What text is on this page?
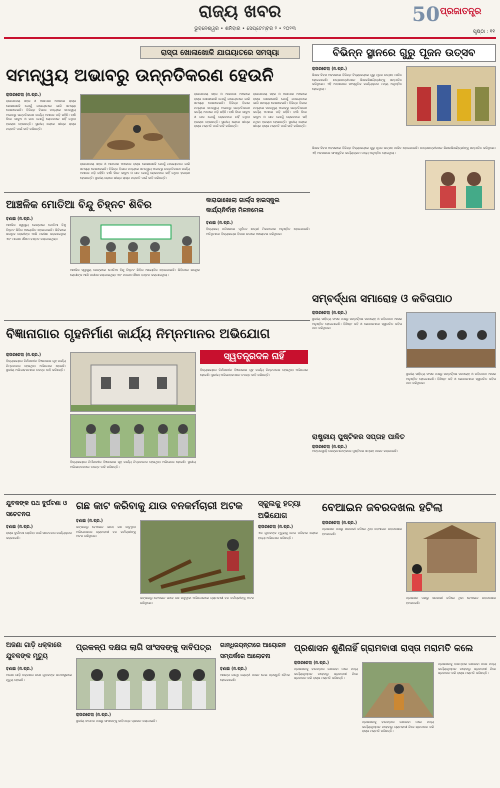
ରାଜ୍ୟ ଖବର
ଭୁବନେଶ୍ୱର • ଶନିବାର • ସେପ୍ଟେମ୍ବର ୨ • ୨୦୨୩
50 ପ୍ରଜାତନ୍ତ୍ର
ପୃଷ୍ଠା : ୧୧
ରାସ୍ତା ଖୋଳାଖୋଳି ଯାତାୟାତରେ ସମସ୍ୟା
ସମନ୍ୱୟ ଅଭାବରୁ ଉନ୍ନତିକରଣ ହେଉନି
ରାଉରକେଲା (ନ.ପ୍ର.)
ରାଉରକେଲା ସହର ଓ ଆଖପାଖ ଅଞ୍ଚଳରେ ରାସ୍ତା ଖୋଳାଖୋଳି ଯୋଗୁଁ ଯାତାୟାତରେ ଭାରି ସମସ୍ୟା ଦେଖାଦେଇଛି। ବିଭିନ୍ନ ବିଭାଗ ମଧ୍ୟରେ ସମନ୍ୱୟ ଅଭାବରୁ ଉନ୍ନତିକରଣ କାର୍ଯ୍ୟ ଅଧାରେ ପଡ଼ି ରହିଛି। ବର୍ଷା ଦିନେ କାଦୁଅ ଓ ଗାତ ଯୋଗୁଁ ଲୋକମାନେ ନାହିଁ ନଥିବା ହଇରାଣ ହେଉଛନ୍ତି। ସ୍ଥାନୀୟ ଲୋକେ ଶୀଘ୍ର ରାସ୍ତା ମରାମତି ପାଇଁ ଦାବି କରିଛନ୍ତି।
ରାଉରକେଲା ସହର ଓ ଆଖପାଖ ଅଞ୍ଚଳରେ ରାସ୍ତା ଖୋଳାଖୋଳି ଯୋଗୁଁ ଯାତାୟାତରେ ଭାରି ସମସ୍ୟା ଦେଖାଦେଇଛି। ବିଭିନ୍ନ ବିଭାଗ ମଧ୍ୟରେ ସମନ୍ୱୟ ଅଭାବରୁ ଉନ୍ନତିକରଣ କାର୍ଯ୍ୟ ଅଧାରେ ପଡ଼ି ରହିଛି। ବର୍ଷା ଦିନେ କାଦୁଅ ଓ ଗାତ ଯୋଗୁଁ ଲୋକମାନେ ନାହିଁ ନଥିବା ହଇରାଣ ହେଉଛନ୍ତି। ସ୍ଥାନୀୟ ଲୋକେ ଶୀଘ୍ର ରାସ୍ତା ମରାମତି ପାଇଁ ଦାବି କରିଛନ୍ତି।
ରାଉରକେଲା ସହର ଓ ଆଖପାଖ ଅଞ୍ଚଳରେ ରାସ୍ତା ଖୋଳାଖୋଳି ଯୋଗୁଁ ଯାତାୟାତରେ ଭାରି ସମସ୍ୟା ଦେଖାଦେଇଛି। ବିଭିନ୍ନ ବିଭାଗ ମଧ୍ୟରେ ସମନ୍ୱୟ ଅଭାବରୁ ଉନ୍ନତିକରଣ କାର୍ଯ୍ୟ ଅଧାରେ ପଡ଼ି ରହିଛି। ବର୍ଷା ଦିନେ କାଦୁଅ ଓ ଗାତ ଯୋଗୁଁ ଲୋକମାନେ ନାହିଁ ନଥିବା ହଇରାଣ ହେଉଛନ୍ତି। ସ୍ଥାନୀୟ ଲୋକେ ଶୀଘ୍ର ରାସ୍ତା ମରାମତି ପାଇଁ ଦାବି କରିଛନ୍ତି।
ରାଉରକେଲା ସହର ଓ ଆଖପାଖ ଅଞ୍ଚଳରେ ରାସ୍ତା ଖୋଳାଖୋଳି ଯୋଗୁଁ ଯାତାୟାତରେ ଭାରି ସମସ୍ୟା ଦେଖାଦେଇଛି। ବିଭିନ୍ନ ବିଭାଗ ମଧ୍ୟରେ ସମନ୍ୱୟ ଅଭାବରୁ ଉନ୍ନତିକରଣ କାର୍ଯ୍ୟ ଅଧାରେ ପଡ଼ି ରହିଛି। ବର୍ଷା ଦିନେ କାଦୁଅ ଓ ଗାତ ଯୋଗୁଁ ଲୋକମାନେ ନାହିଁ ନଥିବା ହଇରାଣ ହେଉଛନ୍ତି। ସ୍ଥାନୀୟ ଲୋକେ ଶୀଘ୍ର ରାସ୍ତା ମରାମତି ପାଇଁ ଦାବି କରିଛନ୍ତି।
ବିଭିନ୍ନ ସ୍ଥାନରେ ଗୁରୁ ପୂଜନ ଉତ୍ସବ
ରାଉରକେଲା (ନ.ପ୍ର.)
ଶିକ୍ଷକ ଦିବସ ଅବସରରେ ବିଭିନ୍ନ ବିଦ୍ୟାଳୟରେ ଗୁରୁ ପୂଜନ ଉତ୍ସବ ପାଳିତ ହୋଇଯାଇଛି। ଛାତ୍ରଛାତ୍ରୀମାନେ ଶିକ୍ଷକଶିକ୍ଷୟିତ୍ରୀଙ୍କୁ ସମ୍ମାନିତ କରିଥିଲେ। ଏହି ଅବସରରେ ସାଂସ୍କୃତିକ କାର୍ଯ୍ୟକ୍ରମ ମଧ୍ୟ ଅନୁଷ୍ଠିତ ହୋଇଥିଲା।
ଶିକ୍ଷକ ଦିବସ ଅବସରରେ ବିଭିନ୍ନ ବିଦ୍ୟାଳୟରେ ଗୁରୁ ପୂଜନ ଉତ୍ସବ ପାଳିତ ହୋଇଯାଇଛି। ଛାତ୍ରଛାତ୍ରୀମାନେ ଶିକ୍ଷକଶିକ୍ଷୟିତ୍ରୀଙ୍କୁ ସମ୍ମାନିତ କରିଥିଲେ। ଏହି ଅବସରରେ ସାଂସ୍କୃତିକ କାର୍ଯ୍ୟକ୍ରମ ମଧ୍ୟ ଅନୁଷ୍ଠିତ ହୋଇଥିଲା।
ଆଞ୍ଚଳିକ ମୋତିଆ ବିନ୍ଦୁ ଚିହ୍ନଟ ଶିବିର
ବଣାଇ (ନ.ପ୍ର.)
ଆଞ୍ଚଳିକ ସ୍ୱାସ୍ଥ୍ୟ କେନ୍ଦ୍ରରେ ମୋତିଆ ବିନ୍ଦୁ ଚିହ୍ନଟ ଶିବିର ଆୟୋଜିତ ହୋଇଯାଇଛି। ଶିବିରରେ ଶତାଧିକ ରୋଗୀଙ୍କ ଆଖି ପରୀକ୍ଷା କରାଯାଇଥିଲା ଏବଂ ମାଗଣା ଔଷଧ ବଣ୍ଟନ କରାଯାଇଥିଲା।
ଆଞ୍ଚଳିକ ସ୍ୱାସ୍ଥ୍ୟ କେନ୍ଦ୍ରରେ ମୋତିଆ ବିନ୍ଦୁ ଚିହ୍ନଟ ଶିବିର ଆୟୋଜିତ ହୋଇଯାଇଛି। ଶିବିରରେ ଶତାଧିକ ରୋଗୀଙ୍କ ଆଖି ପରୀକ୍ଷା କରାଯାଇଥିଲା ଏବଂ ମାଗଣା ଔଷଧ ବଣ୍ଟନ କରାଯାଇଥିଲା।
କାରାଭାଖୋଲା ଗାର୍ଲ୍‌ସ ହାଇସ୍କୁଲ କାର୍ଯ୍ୟନିର୍ବାହୀ ମିଳନମେଳା
ବଣାଇ (ନ.ପ୍ର.)
ବିଦ୍ୟାଳୟ ପରିସରରେ ପୂର୍ବତନ ଛାତ୍ରୀ ମିଳନମେଳା ଅନୁଷ୍ଠିତ ହୋଇଯାଇଛି। ଅତିଥିମାନେ ବିଦ୍ୟାଳୟର ବିକାଶ ଉପରେ ଆଲୋଚନା କରିଥିଲେ।
ସମ୍ବର୍ଦ୍ଧନା ସମାରୋହ ଓ କବିତାପାଠ
ରାଉରକେଲା (ନ.ପ୍ର.)
ସ୍ଥାନୀୟ ସାହିତ୍ୟ ସଂସଦ ପକ୍ଷରୁ ସମ୍ବର୍ଦ୍ଧନା ସମାରୋହ ଓ କବିତାପାଠ ଆସର ଅନୁଷ୍ଠିତ ହୋଇଯାଇଛି। ବିଶିଷ୍ଟ କବି ଓ ଲେଖକମାନେ ସ୍ୱରଚିତ କବିତା ପାଠ କରିଥିଲେ।
ସ୍ଥାନୀୟ ସାହିତ୍ୟ ସଂସଦ ପକ୍ଷରୁ ସମ୍ବର୍ଦ୍ଧନା ସମାରୋହ ଓ କବିତାପାଠ ଆସର ଅନୁଷ୍ଠିତ ହୋଇଯାଇଛି। ବିଶିଷ୍ଟ କବି ଓ ଲେଖକମାନେ ସ୍ୱରଚିତ କବିତା ପାଠ କରିଥିଲେ।
ବିଜ୍ଞାନାଗାର ଗୃହନିର୍ମାଣ କାର୍ଯ୍ୟ ନିମ୍ନମାନର ଅଭିଯୋଗ
ସ୍ୱତନ୍ତ୍ରଦଳ ନାହିଁ
ରାଉରକେଲା (ନ.ପ୍ର.)
ବିଦ୍ୟାଳୟରେ ନିର୍ମାଣାଧୀନ ବିଜ୍ଞାନାଗାର ଗୃହ କାର୍ଯ୍ୟ ନିମ୍ନମାନର ହେଉଥିବା ଅଭିଯୋଗ ହୋଇଛି। ସ୍ଥାନୀୟ ଅଭିଭାବକମାନେ ତଦନ୍ତ ଦାବି କରିଛନ୍ତି।
ବିଦ୍ୟାଳୟରେ ନିର୍ମାଣାଧୀନ ବିଜ୍ଞାନାଗାର ଗୃହ କାର୍ଯ୍ୟ ନିମ୍ନମାନର ହେଉଥିବା ଅଭିଯୋଗ ହୋଇଛି। ସ୍ଥାନୀୟ ଅଭିଭାବକମାନେ ତଦନ୍ତ ଦାବି କରିଛନ୍ତି।
ବିଦ୍ୟାଳୟରେ ନିର୍ମାଣାଧୀନ ବିଜ୍ଞାନାଗାର ଗୃହ କାର୍ଯ୍ୟ ନିମ୍ନମାନର ହେଉଥିବା ଅଭିଯୋଗ ହୋଇଛି। ସ୍ଥାନୀୟ ଅଭିଭାବକମାନେ ତଦନ୍ତ ଦାବି କରିଛନ୍ତି।
ରାଷ୍ଟ୍ରୀୟ ପୁଷ୍ଟିକର ସପ୍ତାହ ପାଳିତ
ରାଉରକେଲା (ନ.ପ୍ର.)
ଅଙ୍ଗନୱାଡ଼ି କେନ୍ଦ୍ରମାନଙ୍କରେ ପୁଷ୍ଟିକର ସପ୍ତାହ ପାଳନ କରାଯାଇଛି।
ଯୁବକଙ୍କ ପଥ ଦୁର୍ଘଟଣା ଓ ସଚେତନତା
ବଣାଇ (ନ.ପ୍ର.)
ରାସ୍ତା ଦୁର୍ଘଟଣା ରୋକିବା ପାଇଁ ସଚେତନତା କାର୍ଯ୍ୟକ୍ରମ କରାଯାଇଛି।
ଗଛ କାଟ କରିବାକୁ ଯାଉ ବନକର୍ମଚାରୀ ଅଟକ
ବଣାଇ (ନ.ପ୍ର.)
ଜଙ୍ଗଲରୁ ବେଆଇନ ଭାବେ ଗଛ କାଟୁଥିବା ଅଭିଯୋଗରେ ଗ୍ରାମବାସୀ ବନ କର୍ମଚାରୀଙ୍କୁ ଅଟକ ରଖିଥିଲେ।
ଜଙ୍ଗଲରୁ ବେଆଇନ ଭାବେ ଗଛ କାଟୁଥିବା ଅଭିଯୋଗରେ ଗ୍ରାମବାସୀ ବନ କର୍ମଚାରୀଙ୍କୁ ଅଟକ ରଖିଥିଲେ।
ସ୍କୁଲକୁ ହତ୍ୟା ଅଭିଯୋଗ
ରାଉରକେଲା (ନ.ପ୍ର.)
ଏକ ଯୁବକଙ୍କ ମୃତ୍ୟୁକୁ ନେଇ ପରିବାର ଲୋକେ ହତ୍ୟା ଅଭିଯୋଗ କରିଛନ୍ତି।
ବେଆଇନ ଜବରଦଖଲ ହଟିଲା
ରାଉରକେଲା (ନ.ପ୍ର.)
ପ୍ରଶାସନ ପକ୍ଷରୁ ସରକାରୀ ଜମିରେ ଥିବା ବେଆଇନ ଜବରଦଖଲ ହଟାଯାଇଛି।
ପ୍ରଶାସନ ପକ୍ଷରୁ ସରକାରୀ ଜମିରେ ଥିବା ବେଆଇନ ଜବରଦଖଲ ହଟାଯାଇଛି।
ଅଜଣା ଗାଡ଼ି ଧକ୍କାରେ ଯୁବକଙ୍କ ମୃତ୍ୟୁ
ବଣାଇ (ନ.ପ୍ର.)
ଅଜଣା ଗାଡ଼ି ଧକ୍କାରେ ଜଣେ ଯୁବକଙ୍କ ଘଟଣାସ୍ଥଳରେ ମୃତ୍ୟୁ ହୋଇଛି।
ପ୍ରକଳ୍ପ ଦକ୍ଷତା ଲାଗି ସାଂସଦଙ୍କୁ ଦାବିପତ୍ର
ରାଉରକେଲା (ନ.ପ୍ର.)
ସ୍ଥାନୀୟ ସଂଗଠନ ପକ୍ଷରୁ ସାଂସଦଙ୍କୁ ଦାବିପତ୍ର ପ୍ରଦାନ କରାଯାଇଛି।
ଗାନ୍ଧିଜୟନ୍ତୀରେ ଆୟୋଜନ ସମ୍ପର୍କରେ ଆଲୋଚନା
ବଣାଇ (ନ.ପ୍ର.)
ଆସନ୍ତା ଗାନ୍ଧି ଜୟନ୍ତୀ ପାଳନ ନେଇ ପ୍ରସ୍ତୁତି ବୈଠକ ହୋଇଯାଇଛି।
ପ୍ରଶାସନ ଶୁଣିନାହିଁ ଗ୍ରାମବାସୀ ରାସ୍ତା ମରାମତି କଲେ
ରାଉରକେଲା (ନ.ପ୍ର.)
ପ୍ରଶାସନକୁ ବାରମ୍ବାର ଜଣାଇବା ପରେ ମଧ୍ୟ କାର୍ଯ୍ୟାନୁଷ୍ଠାନ ନହେବାରୁ ଗ୍ରାମବାସୀ ନିଜେ ଶ୍ରମଦାନ କରି ରାସ୍ତା ମରାମତି କରିଛନ୍ତି।
ପ୍ରଶାସନକୁ ବାରମ୍ବାର ଜଣାଇବା ପରେ ମଧ୍ୟ କାର୍ଯ୍ୟାନୁଷ୍ଠାନ ନହେବାରୁ ଗ୍ରାମବାସୀ ନିଜେ ଶ୍ରମଦାନ କରି ରାସ୍ତା ମରାମତି କରିଛନ୍ତି।
ପ୍ରଶାସନକୁ ବାରମ୍ବାର ଜଣାଇବା ପରେ ମଧ୍ୟ କାର୍ଯ୍ୟାନୁଷ୍ଠାନ ନହେବାରୁ ଗ୍ରାମବାସୀ ନିଜେ ଶ୍ରମଦାନ କରି ରାସ୍ତା ମରାମତି କରିଛନ୍ତି।
